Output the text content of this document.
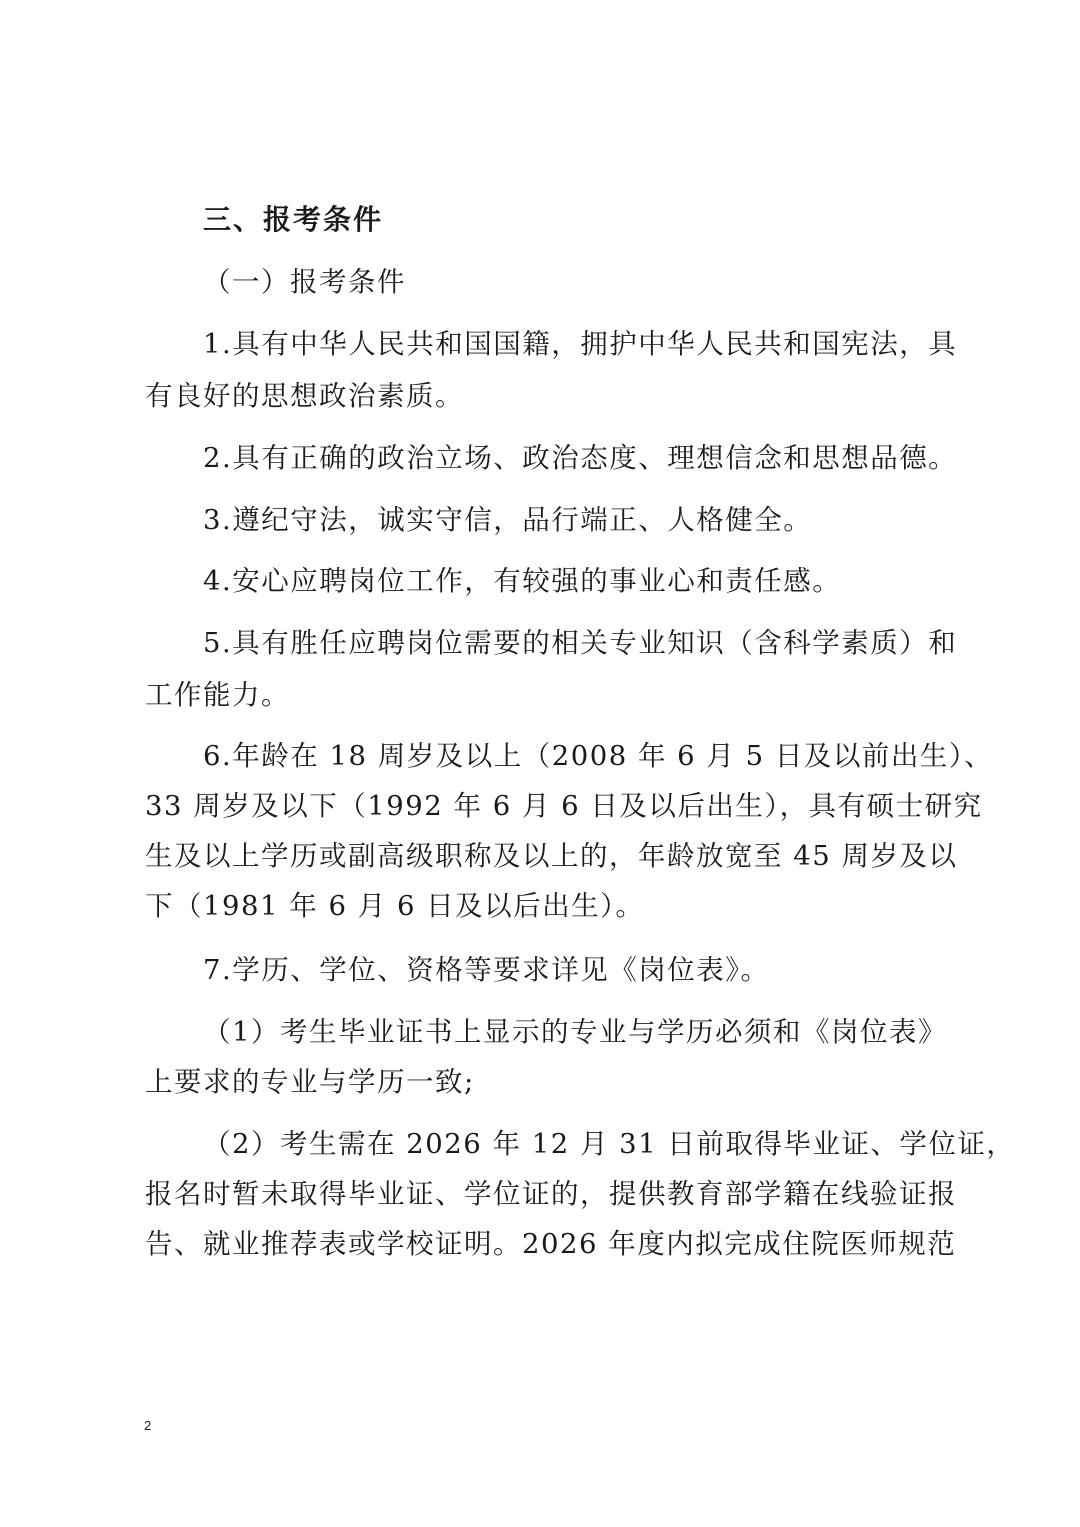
三、报考条件
（一）报考条件
1.具有中华人民共和国国籍，拥护中华人民共和国宪法，具
有良好的思想政治素质。
2.具有正确的政治立场、政治态度、理想信念和思想品德。
3.遵纪守法，诚实守信，品行端正、人格健全。
4.安心应聘岗位工作，有较强的事业心和责任感。
5.具有胜任应聘岗位需要的相关专业知识（含科学素质）和
工作能力。
6.年龄在 18 周岁及以上（2008 年 6 月 5 日及以前出生）、
33 周岁及以下（1992 年 6 月 6 日及以后出生），具有硕士研究
生及以上学历或副高级职称及以上的，年龄放宽至 45 周岁及以
下（1981 年 6 月 6 日及以后出生）。
7.学历、学位、资格等要求详见《岗位表》。
（1）考生毕业证书上显示的专业与学历必须和《岗位表》
上要求的专业与学历一致;
（2）考生需在 2026 年 12 月 31 日前取得毕业证、学位证，
报名时暂未取得毕业证、学位证的，提供教育部学籍在线验证报
告、就业推荐表或学校证明。2026 年度内拟完成住院医师规范
2
